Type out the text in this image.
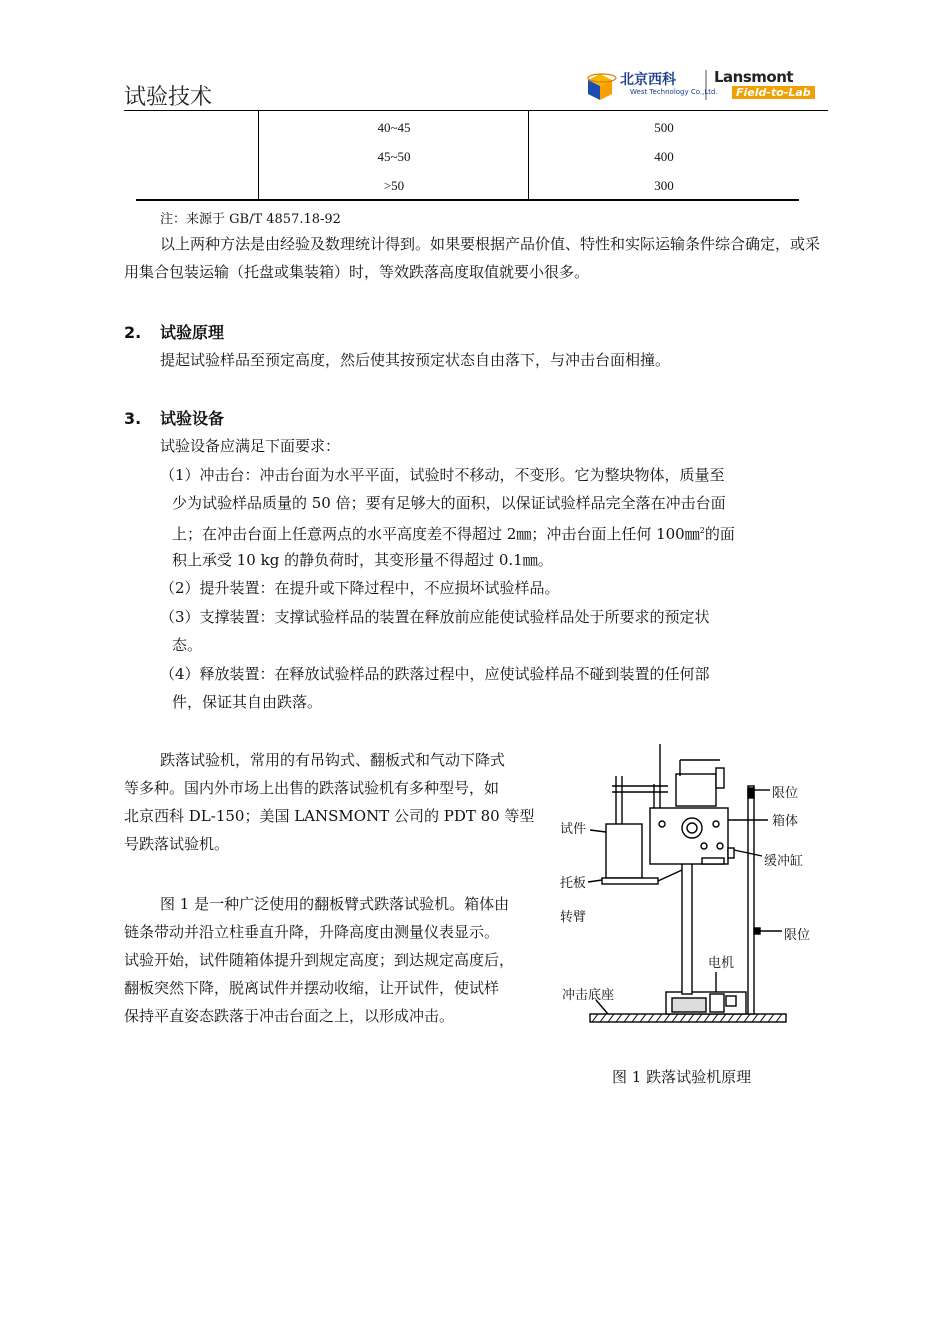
试验技术
北京西科
West Technology Co.,Ltd.
Lansmont
Field-to-Lab
40~45	500
45~50	400
>50	300
注：来源于 GB/T 4857.18-92
以上两种方法是由经验及数理统计得到。如果要根据产品价值、特性和实际运输条件综合确定，或采用集合包装运输（托盘或集装箱）时，等效跌落高度取值就要小很多。
2. 试验原理
提起试验样品至预定高度，然后使其按预定状态自由落下，与冲击台面相撞。
3. 试验设备
试验设备应满足下面要求：
（1）冲击台：冲击台面为水平平面，试验时不移动，不变形。它为整块物体，质量至
少为试验样品质量的 50 倍；要有足够大的面积，以保证试验样品完全落在冲击台面
上；在冲击台面上任意两点的水平高度差不得超过 2㎜；冲击台面上任何 100㎜$^2$的面
积上承受 10 kg 的静负荷时，其变形量不得超过 0.1㎜。
（2）提升装置：在提升或下降过程中，不应损坏试验样品。
（3）支撑装置：支撑试验样品的装置在释放前应能使试验样品处于所要求的预定状
态。
（4）释放装置：在释放试验样品的跌落过程中，应使试验样品不碰到装置的任何部
件，保证其自由跌落。
跌落试验机，常用的有吊钩式、翻板式和气动下降式
等多种。国内外市场上出售的跌落试验机有多种型号，如
北京西科 DL-150；美国 LANSMONT 公司的 PDT 80 等型
号跌落试验机。
图 1 是一种广泛使用的翻板臂式跌落试验机。箱体由
链条带动并沿立柱垂直升降，升降高度由测量仪表显示。
试验开始，试件随箱体提升到规定高度；到达规定高度后，
翻板突然下降，脱离试件并摆动收缩，让开试件，使试样
保持平直姿态跌落于冲击台面之上，以形成冲击。
限位
箱体
试件
缓冲缸
托板
转臂
限位
电机
冲击底座
图 1 跌落试验机原理
